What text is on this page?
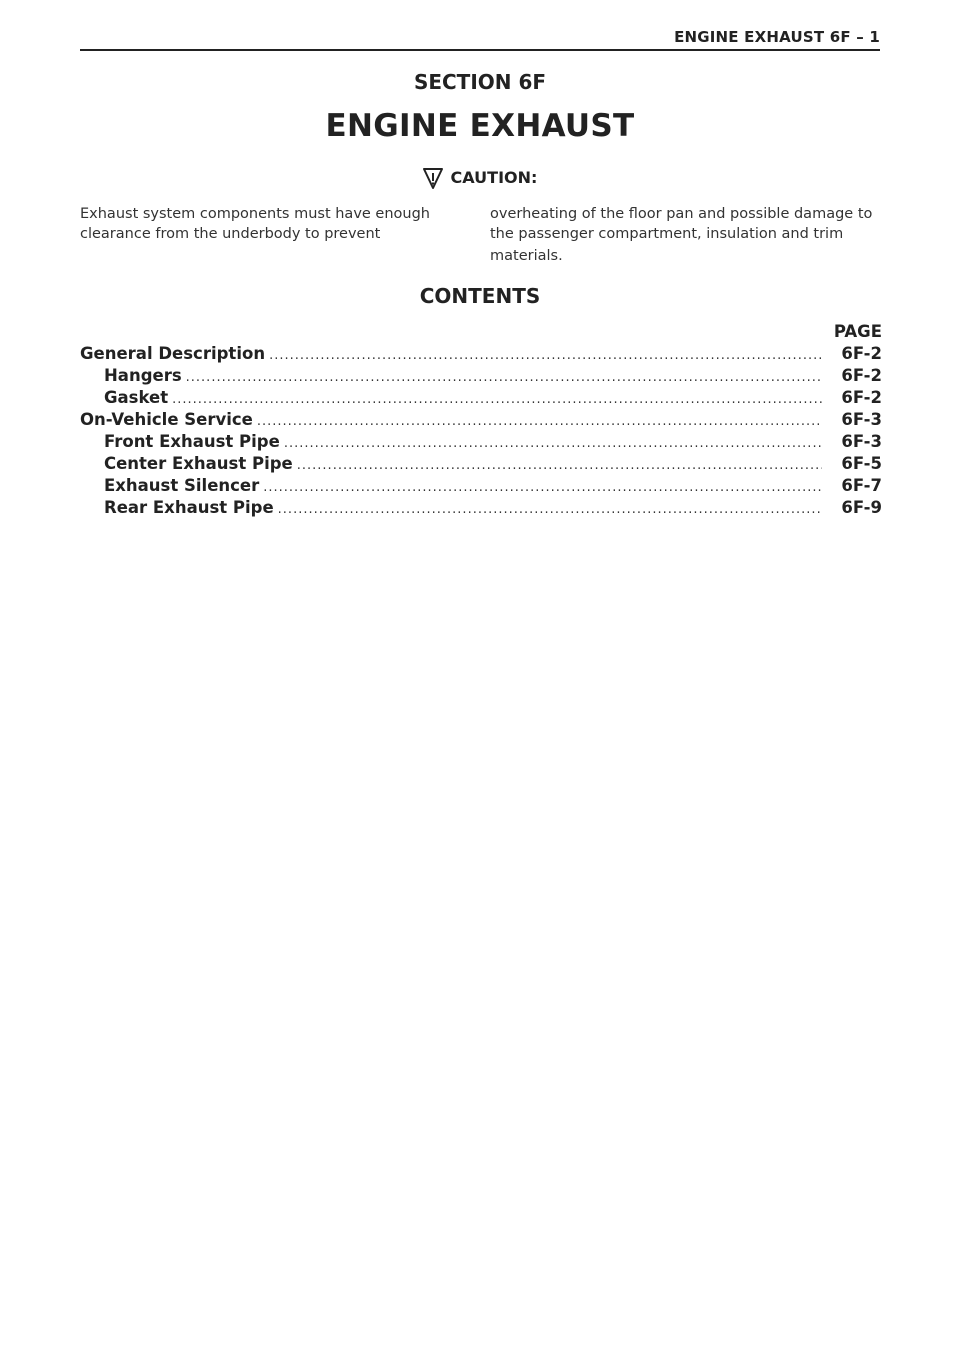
ENGINE EXHAUST 6F – 1
SECTION 6F
ENGINE EXHAUST
CAUTION:

Exhaust system components must have enough clearance from the underbody to prevent

overheating of the floor pan and possible damage to the passenger compartment, insulation and trim

materials.
CONTENTS
PAGE
General Description .....	6F-2
Hangers .....	6F-2
Gasket .....	6F-2
On-Vehicle Service .....	6F-3
Front Exhaust Pipe .....	6F-3
Center Exhaust Pipe .....	6F-5
Exhaust Silencer .....	6F-7
Rear Exhaust Pipe .....	6F-9
